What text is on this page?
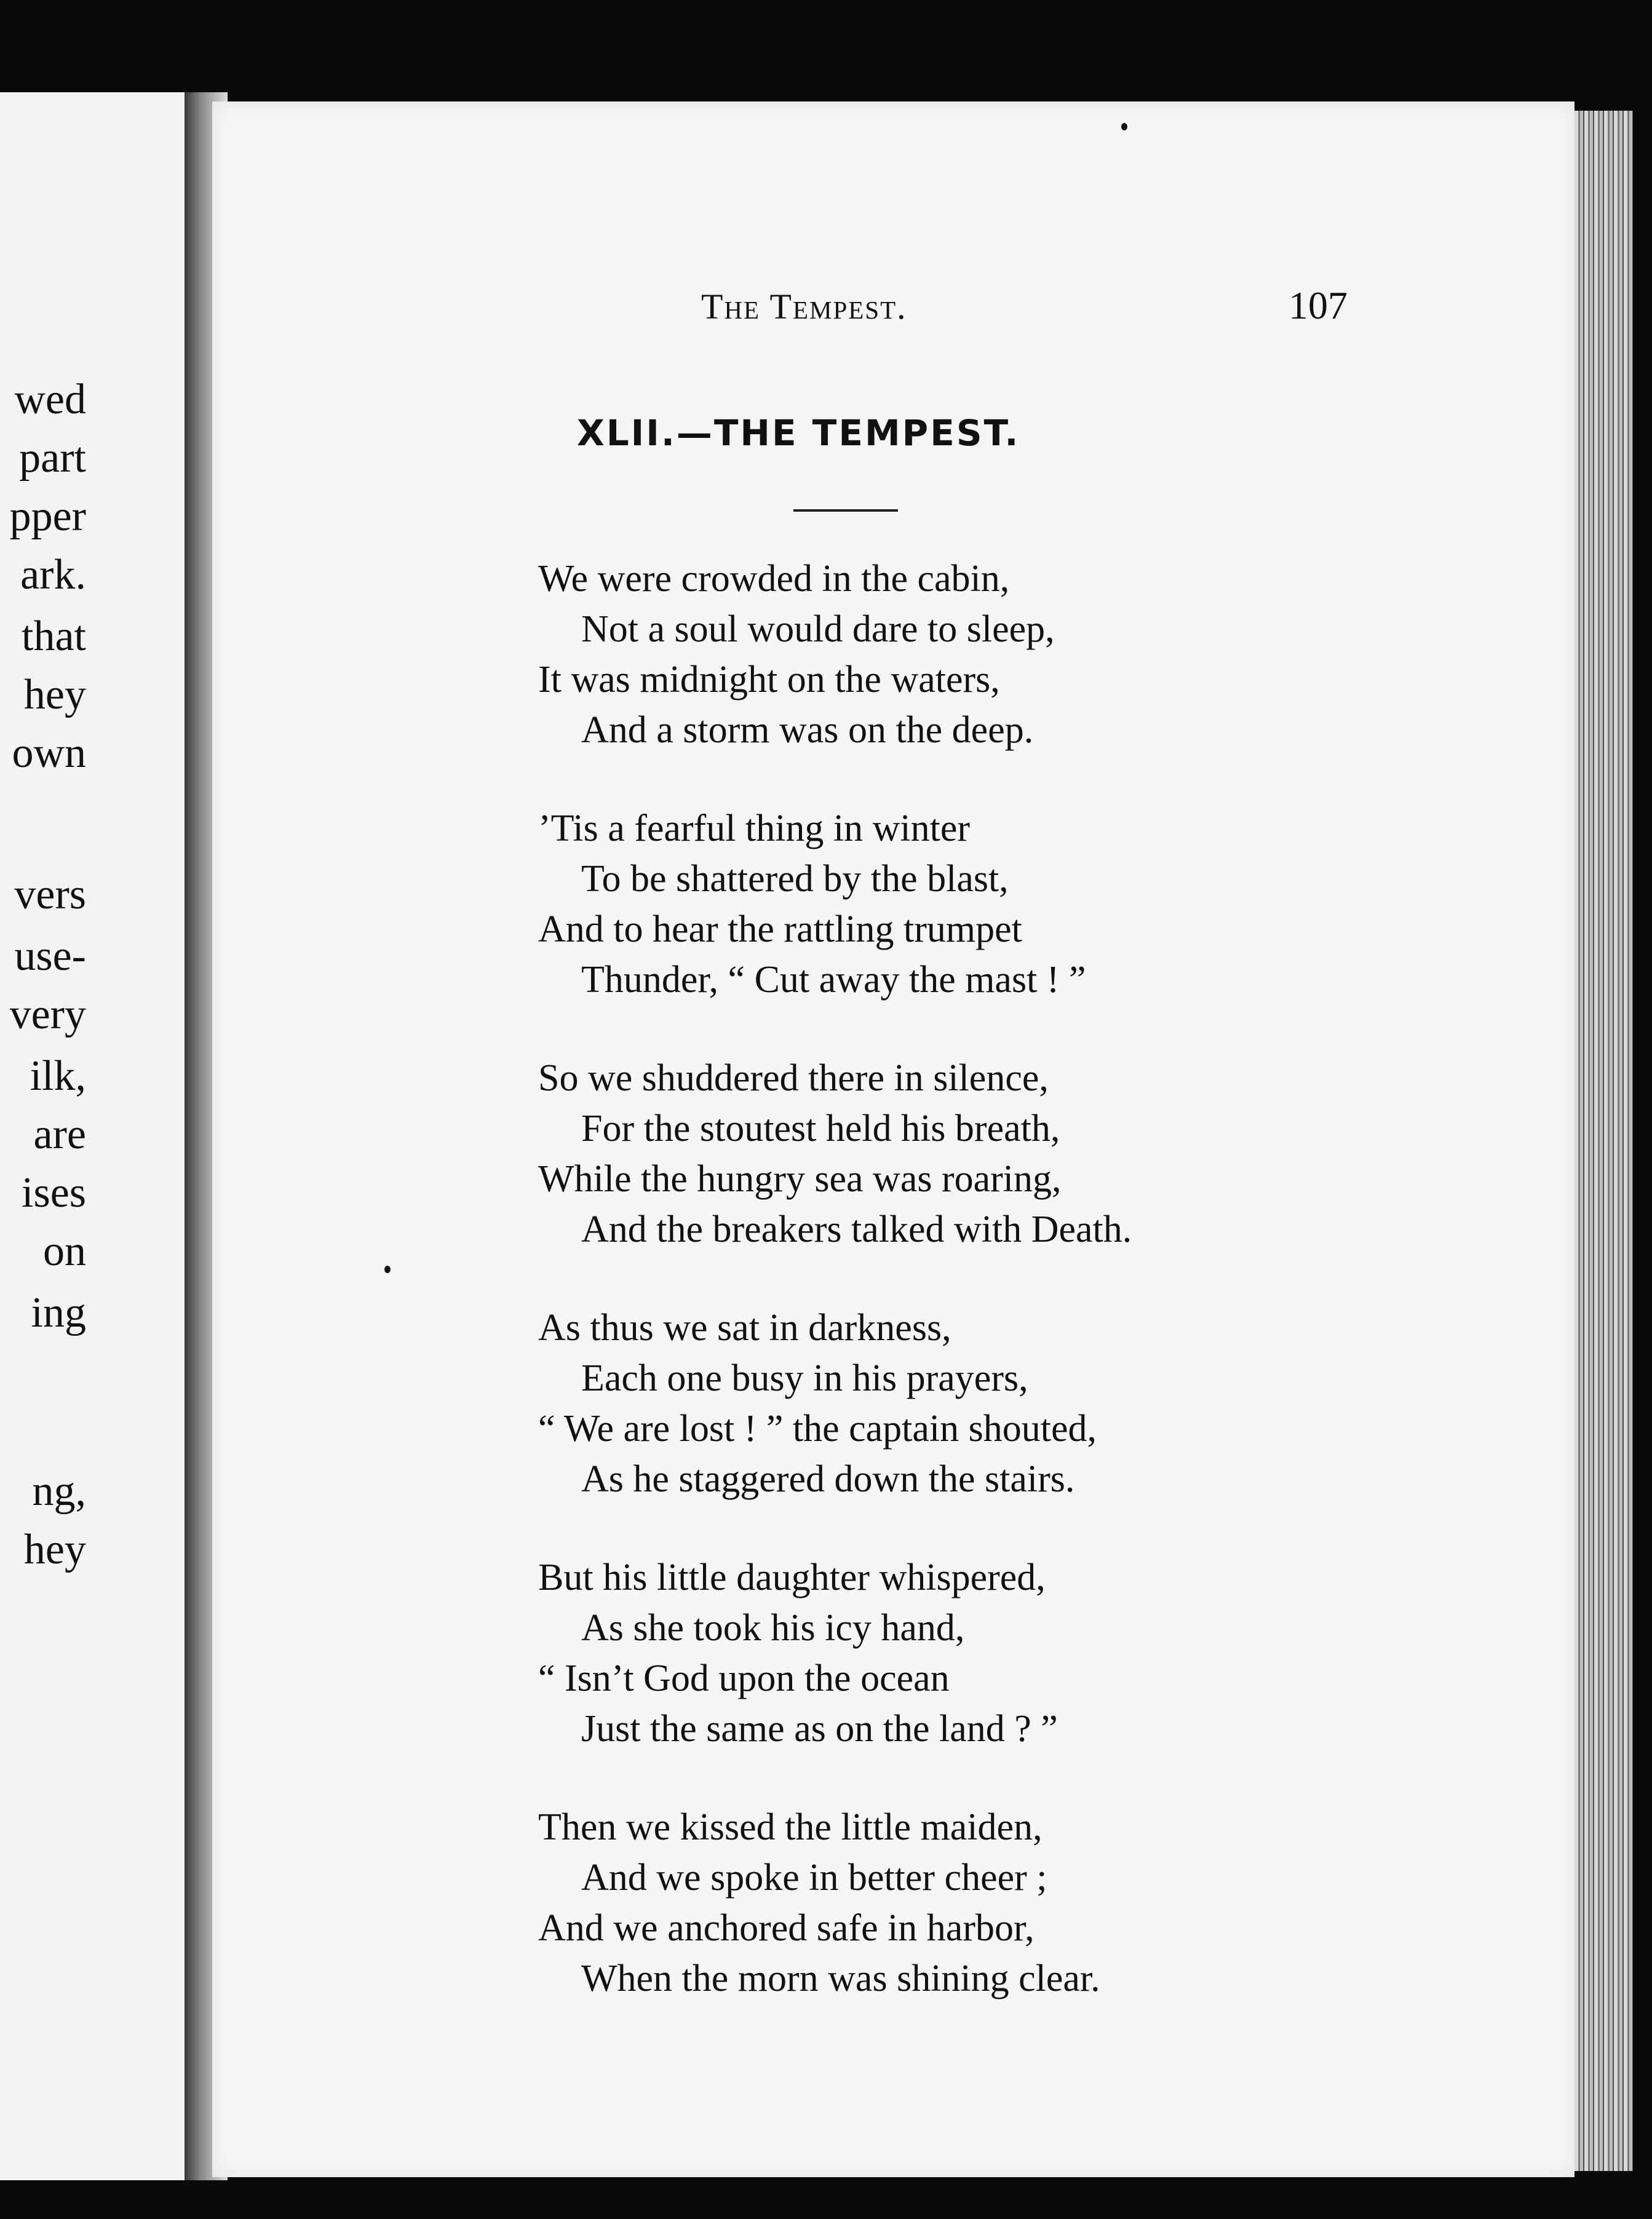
wed
part
pper
ark.
that
hey
own
vers
use-
very
ilk,
are
ises
on
ing
ng,
hey
The Tempest.	107
XLII.—THE TEMPEST.
We were crowded in the cabin,
Not a soul would dare to sleep,
It was midnight on the waters,
And a storm was on the deep.
’Tis a fearful thing in winter
To be shattered by the blast,
And to hear the rattling trumpet
Thunder, “ Cut away the mast ! ”
So we shuddered there in silence,
For the stoutest held his breath,
While the hungry sea was roaring,
And the breakers talked with Death.
As thus we sat in darkness,
Each one busy in his prayers,
“ We are lost ! ” the captain shouted,
As he staggered down the stairs.
But his little daughter whispered,
As she took his icy hand,
“ Isn’t God upon the ocean
Just the same as on the land ? ”
Then we kissed the little maiden,
And we spoke in better cheer ;
And we anchored safe in harbor,
When the morn was shining clear.
